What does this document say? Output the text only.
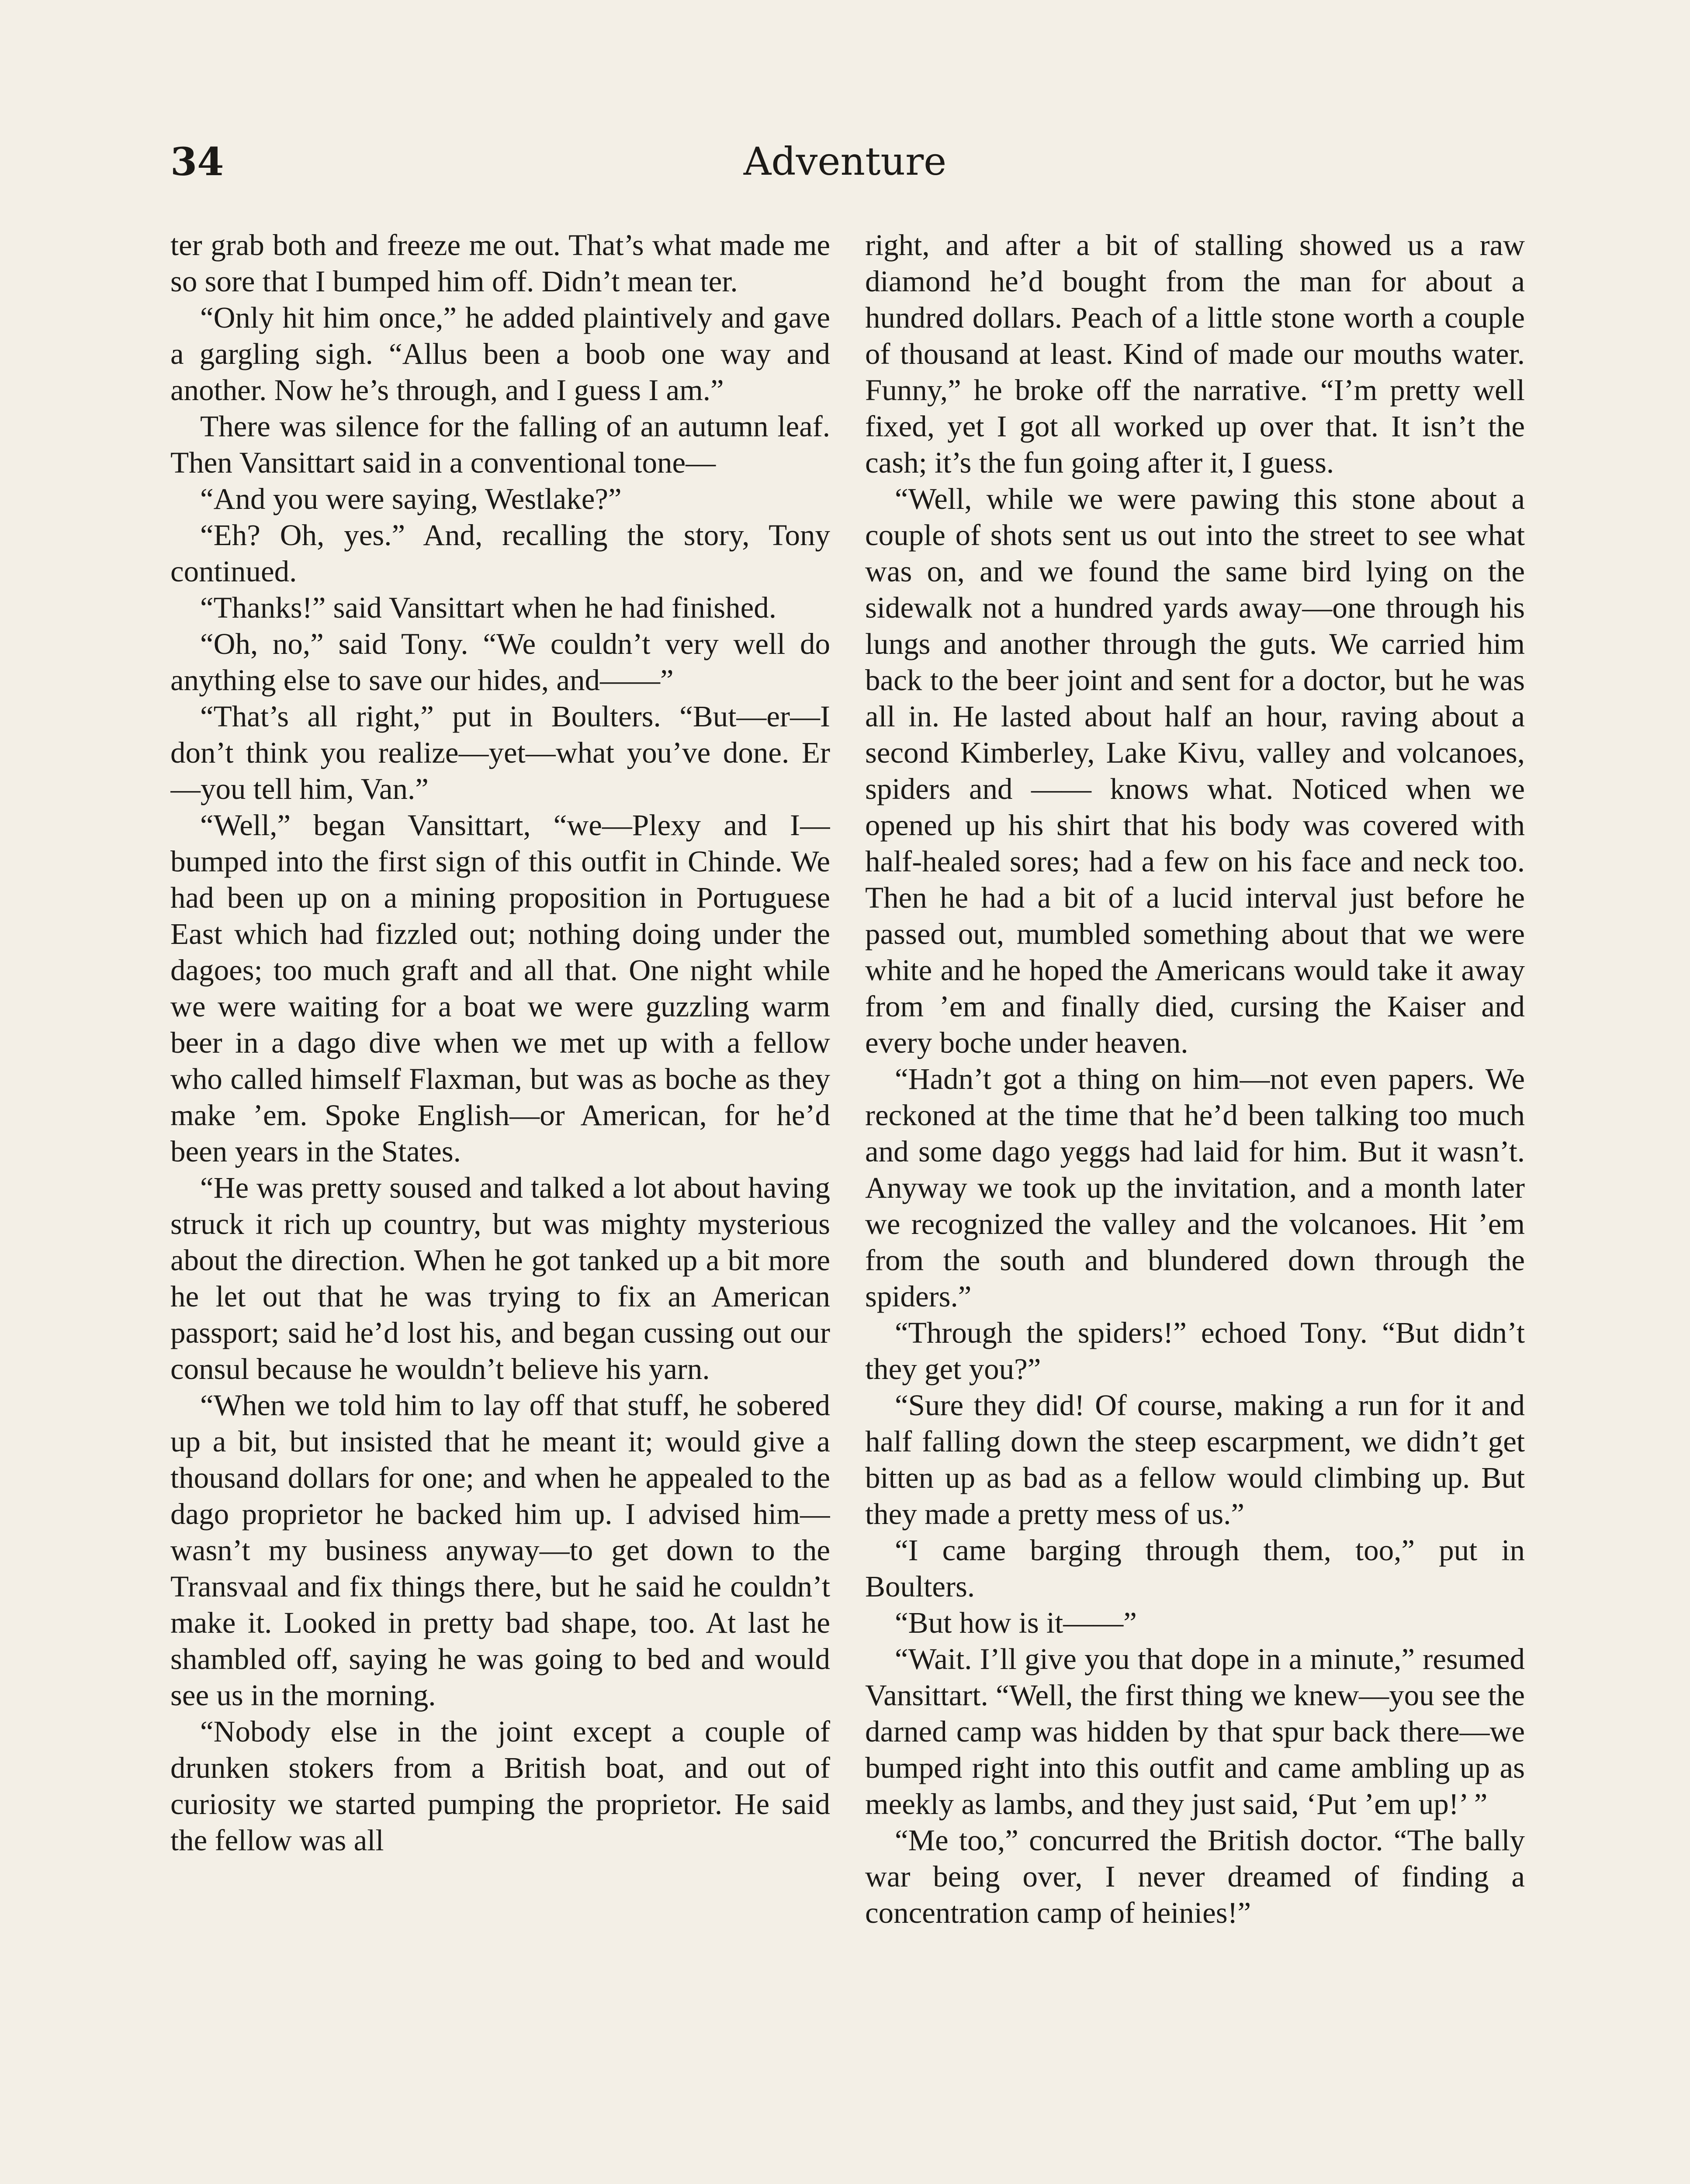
34	Adventure

ter grab both and freeze me out. That’s what made me so sore that I bumped him off. Didn’t mean ter.

“Only hit him once,” he added plaintively and gave a gargling sigh. “Allus been a boob one way and another. Now he’s through, and I guess I am.”

There was silence for the falling of an autumn leaf. Then Vansittart said in a conventional tone—

“And you were saying, Westlake?”

“Eh? Oh, yes.” And, recalling the story, Tony continued.

“Thanks!” said Vansittart when he had finished.

“Oh, no,” said Tony. “We couldn’t very well do anything else to save our hides, and——”

“That’s all right,” put in Boulters. “But—er—I don’t think you realize—yet—what you’ve done. Er—you tell him, Van.”

“Well,” began Vansittart, “we—Plexy and I—bumped into the first sign of this outfit in Chinde. We had been up on a mining proposition in Portuguese East which had fizzled out; nothing doing under the dagoes; too much graft and all that. One night while we were waiting for a boat we were guzzling warm beer in a dago dive when we met up with a fellow who called himself Flaxman, but was as boche as they make ’em. Spoke English—or American, for he’d been years in the States.

“He was pretty soused and talked a lot about having struck it rich up country, but was mighty mysterious about the direction. When he got tanked up a bit more he let out that he was trying to fix an American passport; said he’d lost his, and began cussing out our consul because he wouldn’t believe his yarn.

“When we told him to lay off that stuff, he sobered up a bit, but insisted that he meant it; would give a thousand dollars for one; and when he appealed to the dago proprietor he backed him up. I advised him—wasn’t my business anyway—to get down to the Transvaal and fix things there, but he said he couldn’t make it. Looked in pretty bad shape, too. At last he shambled off, saying he was going to bed and would see us in the morning.

“Nobody else in the joint except a couple of drunken stokers from a British boat, and out of curiosity we started pumping the proprietor. He said the fellow was all

right, and after a bit of stalling showed us a raw diamond he’d bought from the man for about a hundred dollars. Peach of a little stone worth a couple of thousand at least. Kind of made our mouths water. Funny,” he broke off the narrative. “I’m pretty well fixed, yet I got all worked up over that. It isn’t the cash; it’s the fun going after it, I guess.

“Well, while we were pawing this stone about a couple of shots sent us out into the street to see what was on, and we found the same bird lying on the sidewalk not a hundred yards away—one through his lungs and another through the guts. We carried him back to the beer joint and sent for a doctor, but he was all in. He lasted about half an hour, raving about a second Kimberley, Lake Kivu, valley and volcanoes, spiders and —— knows what. Noticed when we opened up his shirt that his body was covered with half-healed sores; had a few on his face and neck too. Then he had a bit of a lucid interval just before he passed out, mumbled something about that we were white and he hoped the Americans would take it away from ’em and finally died, cursing the Kaiser and every boche under heaven.

“Hadn’t got a thing on him—not even papers. We reckoned at the time that he’d been talking too much and some dago yeggs had laid for him. But it wasn’t. Anyway we took up the invitation, and a month later we recognized the valley and the volcanoes. Hit ’em from the south and blundered down through the spiders.”

“Through the spiders!” echoed Tony. “But didn’t they get you?”

“Sure they did! Of course, making a run for it and half falling down the steep escarpment, we didn’t get bitten up as bad as a fellow would climbing up. But they made a pretty mess of us.”

“I came barging through them, too,” put in Boulters.

“But how is it——”

“Wait. I’ll give you that dope in a minute,” resumed Vansittart. “Well, the first thing we knew—you see the darned camp was hidden by that spur back there—we bumped right into this outfit and came ambling up as meekly as lambs, and they just said, ‘Put ’em up!’ ”

“Me too,” concurred the British doctor. “The bally war being over, I never dreamed of finding a concentration camp of heinies!”
